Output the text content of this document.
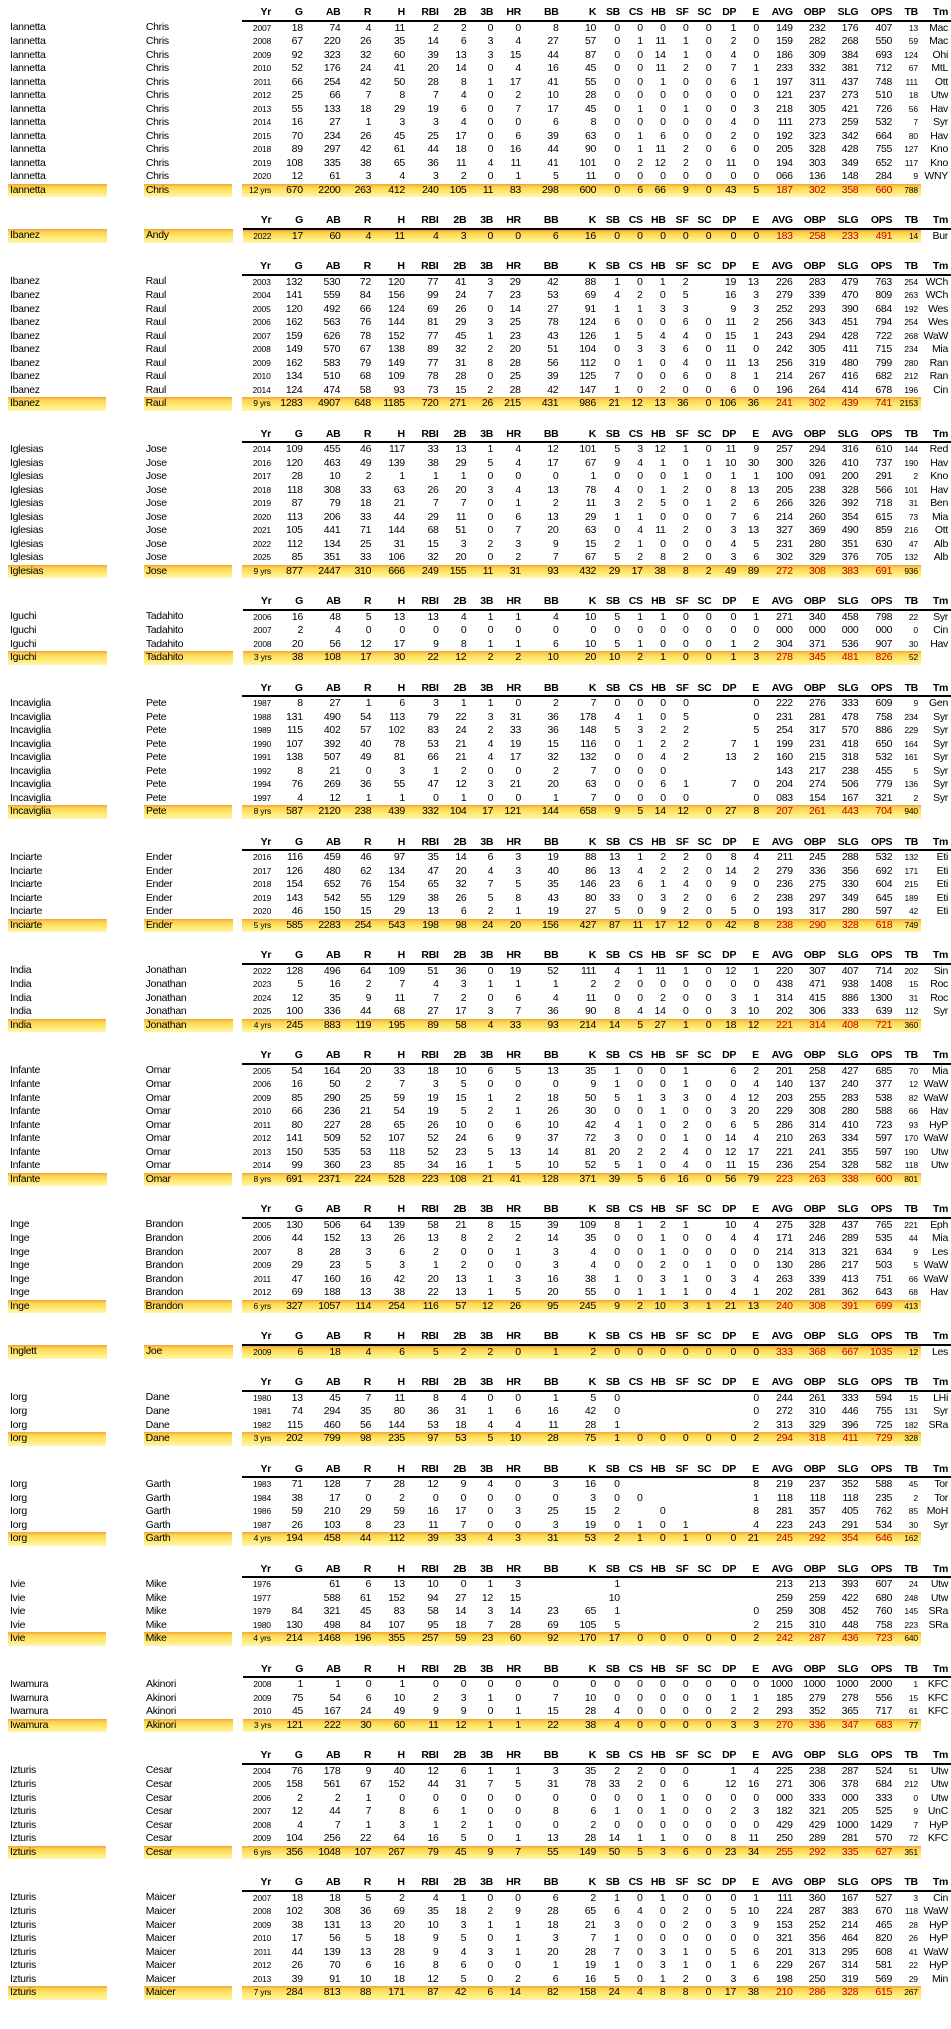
				Yr	G	AB	R	H	RBI	2B	3B	HR	BB	K	SB	CS	HB	SF	SC	DP	E	AVG	OBP	SLG	OPS	TB	Tm
Iannetta		Chris		2007	18	74	4	11	2	2	0	0	8	10	0	0	0	0	0	1	0	149	232	176	407	13	Mac
Iannetta		Chris		2008	67	220	26	35	14	6	3	4	27	57	0	1	11	1	0	2	0	159	282	268	550	59	Mac
Iannetta		Chris		2009	92	323	32	60	39	13	3	15	44	87	0	0	14	1	0	4	0	186	309	384	693	124	Ohi
Iannetta		Chris		2010	52	176	24	41	20	14	0	4	16	45	0	0	11	2	0	7	1	233	332	381	712	67	MtL
Iannetta		Chris		2011	66	254	42	50	28	8	1	17	41	55	0	0	1	0	0	6	1	197	311	437	748	111	Ott
Iannetta		Chris		2012	25	66	7	8	7	4	0	2	10	28	0	0	0	0	0	0	0	121	237	273	510	18	Utw
Iannetta		Chris		2013	55	133	18	29	19	6	0	7	17	45	0	1	0	1	0	0	3	218	305	421	726	56	Hav
Iannetta		Chris		2014	16	27	1	3	3	4	0	0	6	8	0	0	0	0	0	4	0	111	273	259	532	7	Syr
Iannetta		Chris		2015	70	234	26	45	25	17	0	6	39	63	0	1	6	0	0	2	0	192	323	342	664	80	Hav
Iannetta		Chris		2018	89	297	42	61	44	18	0	16	44	90	0	1	11	2	0	6	0	205	328	428	755	127	Kno
Iannetta		Chris		2019	108	335	38	65	36	11	4	11	41	101	0	2	12	2	0	11	0	194	303	349	652	117	Kno
Iannetta		Chris		2020	12	61	3	4	3	2	0	1	5	11	0	0	0	0	0	0	0	066	136	148	284	9	WNY
Iannetta		Chris		12 yrs	670	2200	263	412	240	105	11	83	298	600	0	6	66	9	0	43	5	187	302	358	660	788	
				Yr	G	AB	R	H	RBI	2B	3B	HR	BB	K	SB	CS	HB	SF	SC	DP	E	AVG	OBP	SLG	OPS	TB	Tm
Ibanez		Andy		2022	17	60	4	11	4	3	0	0	6	16	0	0	0	0	0	0	0	183	258	233	491	14	Bur
				Yr	G	AB	R	H	RBI	2B	3B	HR	BB	K	SB	CS	HB	SF	SC	DP	E	AVG	OBP	SLG	OPS	TB	Tm
Ibanez		Raul		2003	132	530	72	120	77	41	3	29	42	88	1	0	1	2		19	13	226	283	479	763	254	WCh
Ibanez		Raul		2004	141	559	84	156	99	24	7	23	53	69	4	2	0	5		16	3	279	339	470	809	263	WCh
Ibanez		Raul		2005	120	492	66	124	69	26	0	14	27	91	1	1	3	3		9	3	252	293	390	684	192	Wes
Ibanez		Raul		2006	162	563	76	144	81	29	3	25	78	124	6	0	0	6	0	11	2	256	343	451	794	254	Wes
Ibanez		Raul		2007	159	626	78	152	77	45	1	23	43	126	1	5	4	4	0	15	1	243	294	428	722	268	WaW
Ibanez		Raul		2008	149	570	67	138	89	32	2	20	51	104	0	3	3	6	0	11	0	242	305	411	715	234	Mia
Ibanez		Raul		2009	162	583	79	149	77	31	8	28	56	112	0	1	0	4	0	11	13	256	319	480	799	280	Ran
Ibanez		Raul		2010	134	510	68	109	78	28	0	25	39	125	7	0	0	6	0	8	1	214	267	416	682	212	Ran
Ibanez		Raul		2014	124	474	58	93	73	15	2	28	42	147	1	0	2	0	0	6	0	196	264	414	678	196	Cin
Ibanez		Raul		9 yrs	1283	4907	648	1185	720	271	26	215	431	986	21	12	13	36	0	106	36	241	302	439	741	2153	
				Yr	G	AB	R	H	RBI	2B	3B	HR	BB	K	SB	CS	HB	SF	SC	DP	E	AVG	OBP	SLG	OPS	TB	Tm
Iglesias		Jose		2014	109	455	46	117	33	13	1	4	12	101	5	3	12	1	0	11	9	257	294	316	610	144	Red
Iglesias		Jose		2016	120	463	49	139	38	29	5	4	17	67	9	4	1	0	1	10	30	300	326	410	737	190	Hav
Iglesias		Jose		2017	28	10	2	1	1	1	0	0	0	1	0	0	0	1	0	1	1	100	091	200	291	2	Kno
Iglesias		Jose		2018	118	308	33	63	26	20	3	4	13	78	4	0	1	2	0	8	13	205	238	328	566	101	Hav
Iglesias		Jose		2019	87	79	18	21	7	7	0	1	2	11	3	2	5	0	1	2	6	266	326	392	718	31	Ben
Iglesias		Jose		2020	113	206	33	44	29	11	0	6	13	29	1	1	0	0	0	7	6	214	260	354	615	73	Mia
Iglesias		Jose		2021	105	441	71	144	68	51	0	7	20	63	0	4	11	2	0	3	13	327	369	490	859	216	Ott
Iglesias		Jose		2022	112	134	25	31	15	3	2	3	9	15	2	1	0	0	0	4	5	231	280	351	630	47	Alb
Iglesias		Jose		2025	85	351	33	106	32	20	0	2	7	67	5	2	8	2	0	3	6	302	329	376	705	132	Alb
Iglesias		Jose		9 yrs	877	2447	310	666	249	155	11	31	93	432	29	17	38	8	2	49	89	272	308	383	691	936	
				Yr	G	AB	R	H	RBI	2B	3B	HR	BB	K	SB	CS	HB	SF	SC	DP	E	AVG	OBP	SLG	OPS	TB	Tm
Iguchi		Tadahito		2006	16	48	5	13	13	4	1	1	4	10	5	1	1	0	0	0	1	271	340	458	798	22	Syr
Iguchi		Tadahito		2007	2	4	0	0	0	0	0	0	0	0	0	0	0	0	0	0	0	000	000	000	000	0	Cin
Iguchi		Tadahito		2008	20	56	12	17	9	8	1	1	6	10	5	1	0	0	0	1	2	304	371	536	907	30	Hav
Iguchi		Tadahito		3 yrs	38	108	17	30	22	12	2	2	10	20	10	2	1	0	0	1	3	278	345	481	826	52	
				Yr	G	AB	R	H	RBI	2B	3B	HR	BB	K	SB	CS	HB	SF	SC	DP	E	AVG	OBP	SLG	OPS	TB	Tm
Incaviglia		Pete		1987	8	27	1	6	3	1	1	0	2	7	0	0	0	0			0	222	276	333	609	9	Gen
Incaviglia		Pete		1988	131	490	54	113	79	22	3	31	36	178	4	1	0	5			0	231	281	478	758	234	Syr
Incaviglia		Pete		1989	115	402	57	102	83	24	2	33	36	148	5	3	2	2			5	254	317	570	886	229	Syr
Incaviglia		Pete		1990	107	392	40	78	53	21	4	19	15	116	0	1	2	2		7	1	199	231	418	650	164	Syr
Incaviglia		Pete		1991	138	507	49	81	66	21	4	17	32	132	0	0	4	2		13	2	160	215	318	532	161	Syr
Incaviglia		Pete		1992	8	21	0	3	1	2	0	0	2	7	0	0	0					143	217	238	455	5	Syr
Incaviglia		Pete		1994	76	269	36	55	47	12	3	21	20	63	0	0	6	1		7	0	204	274	506	779	136	Syr
Incaviglia		Pete		1997	4	12	1	1	0	1	0	0	1	7	0	0	0	0			0	083	154	167	321	2	Syr
Incaviglia		Pete		8 yrs	587	2120	238	439	332	104	17	121	144	658	9	5	14	12	0	27	8	207	261	443	704	940	
				Yr	G	AB	R	H	RBI	2B	3B	HR	BB	K	SB	CS	HB	SF	SC	DP	E	AVG	OBP	SLG	OPS	TB	Tm
Inciarte		Ender		2016	116	459	46	97	35	14	6	3	19	88	13	1	2	2	0	8	4	211	245	288	532	132	Eti
Inciarte		Ender		2017	126	480	62	134	47	20	4	3	40	86	13	4	2	2	0	14	2	279	336	356	692	171	Eti
Inciarte		Ender		2018	154	652	76	154	65	32	7	5	35	146	23	6	1	4	0	9	0	236	275	330	604	215	Eti
Inciarte		Ender		2019	143	542	55	129	38	26	5	8	43	80	33	0	3	2	0	6	2	238	297	349	645	189	Eti
Inciarte		Ender		2020	46	150	15	29	13	6	2	1	19	27	5	0	9	2	0	5	0	193	317	280	597	42	Eti
Inciarte		Ender		5 yrs	585	2283	254	543	198	98	24	20	156	427	87	11	17	12	0	42	8	238	290	328	618	749	
				Yr	G	AB	R	H	RBI	2B	3B	HR	BB	K	SB	CS	HB	SF	SC	DP	E	AVG	OBP	SLG	OPS	TB	Tm
India		Jonathan		2022	128	496	64	109	51	36	0	19	52	111	4	1	11	1	0	12	1	220	307	407	714	202	Sin
India		Jonathan		2023	5	16	2	7	4	3	1	1	1	2	2	0	0	0	0	0	0	438	471	938	1408	15	Roc
India		Jonathan		2024	12	35	9	11	7	2	0	6	4	11	0	0	2	0	0	3	1	314	415	886	1300	31	Roc
India		Jonathan		2025	100	336	44	68	27	17	3	7	36	90	8	4	14	0	0	3	10	202	306	333	639	112	Syr
India		Jonathan		4 yrs	245	883	119	195	89	58	4	33	93	214	14	5	27	1	0	18	12	221	314	408	721	360	
				Yr	G	AB	R	H	RBI	2B	3B	HR	BB	K	SB	CS	HB	SF	SC	DP	E	AVG	OBP	SLG	OPS	TB	Tm
Infante		Omar		2005	54	164	20	33	18	10	6	5	13	35	1	0	0	1		6	2	201	258	427	685	70	Mia
Infante		Omar		2006	16	50	2	7	3	5	0	0	0	9	1	0	0	1	0	0	4	140	137	240	377	12	WaW
Infante		Omar		2009	85	290	25	59	19	15	1	2	18	50	5	1	3	3	0	4	12	203	255	283	538	82	WaW
Infante		Omar		2010	66	236	21	54	19	5	2	1	26	30	0	0	1	0	0	3	20	229	308	280	588	66	Hav
Infante		Omar		2011	80	227	28	65	26	10	0	6	10	42	4	1	0	2	0	6	5	286	314	410	723	93	HyP
Infante		Omar		2012	141	509	52	107	52	24	6	9	37	72	3	0	0	1	0	14	4	210	263	334	597	170	WaW
Infante		Omar		2013	150	535	53	118	52	23	5	13	14	81	20	2	2	4	0	12	17	221	241	355	597	190	Utw
Infante		Omar		2014	99	360	23	85	34	16	1	5	10	52	5	1	0	4	0	11	15	236	254	328	582	118	Utw
Infante		Omar		8 yrs	691	2371	224	528	223	108	21	41	128	371	39	5	6	16	0	56	79	223	263	338	600	801	
				Yr	G	AB	R	H	RBI	2B	3B	HR	BB	K	SB	CS	HB	SF	SC	DP	E	AVG	OBP	SLG	OPS	TB	Tm
Inge		Brandon		2005	130	506	64	139	58	21	8	15	39	109	8	1	2	1		10	4	275	328	437	765	221	Eph
Inge		Brandon		2006	44	152	13	26	13	8	2	2	14	35	0	0	1	0	0	4	4	171	246	289	535	44	Mia
Inge		Brandon		2007	8	28	3	6	2	0	0	1	3	4	0	0	1	0	0	0	0	214	313	321	634	9	Les
Inge		Brandon		2009	29	23	5	3	1	2	0	0	3	4	0	0	2	0	1	0	0	130	286	217	503	5	WaW
Inge		Brandon		2011	47	160	16	42	20	13	1	3	16	38	1	0	3	1	0	3	4	263	339	413	751	66	WaW
Inge		Brandon		2012	69	188	13	38	22	13	1	5	20	55	0	1	1	1	0	4	1	202	281	362	643	68	Hav
Inge		Brandon		6 yrs	327	1057	114	254	116	57	12	26	95	245	9	2	10	3	1	21	13	240	308	391	699	413	
				Yr	G	AB	R	H	RBI	2B	3B	HR	BB	K	SB	CS	HB	SF	SC	DP	E	AVG	OBP	SLG	OPS	TB	Tm
Inglett		Joe		2009	6	18	4	6	5	2	2	0	1	2	0	0	0	0	0	0	0	333	368	667	1035	12	Les
				Yr	G	AB	R	H	RBI	2B	3B	HR	BB	K	SB	CS	HB	SF	SC	DP	E	AVG	OBP	SLG	OPS	TB	Tm
Iorg		Dane		1980	13	45	7	11	8	4	0	0	1	5	0						0	244	261	333	594	15	LHi
Iorg		Dane		1981	74	294	35	80	36	31	1	6	16	42	0						0	272	310	446	755	131	Syr
Iorg		Dane		1982	115	460	56	144	53	18	4	4	11	28	1						2	313	329	396	725	182	SRa
Iorg		Dane		3 yrs	202	799	98	235	97	53	5	10	28	75	1	0	0	0	0	0	2	294	318	411	729	328	
				Yr	G	AB	R	H	RBI	2B	3B	HR	BB	K	SB	CS	HB	SF	SC	DP	E	AVG	OBP	SLG	OPS	TB	Tm
Iorg		Garth		1983	71	128	7	28	12	9	4	0	3	16	0						8	219	237	352	588	45	Tor
Iorg		Garth		1984	38	17	0	2	0	0	0	0	0	3	0	0					1	118	118	118	235	2	Tor
Iorg		Garth		1986	59	210	29	59	16	17	0	3	25	15	2		0				8	281	357	405	762	85	MoH
Iorg		Garth		1987	26	103	8	23	11	7	0	0	3	19	0	1	0	1			4	223	243	291	534	30	Syr
Iorg		Garth		4 yrs	194	458	44	112	39	33	4	3	31	53	2	1	0	1	0	0	21	245	292	354	646	162	
				Yr	G	AB	R	H	RBI	2B	3B	HR	BB	K	SB	CS	HB	SF	SC	DP	E	AVG	OBP	SLG	OPS	TB	Tm
Ivie		Mike		1976		61	6	13	10	0	1	3			1							213	213	393	607	24	Utw
Ivie		Mike		1977		588	61	152	94	27	12	15			10							259	259	422	680	248	Utw
Ivie		Mike		1979	84	321	45	83	58	14	3	14	23	65	1						0	259	308	452	760	145	SRa
Ivie		Mike		1980	130	498	84	107	95	18	7	28	69	105	5						2	215	310	448	758	223	SRa
Ivie		Mike		4 yrs	214	1468	196	355	257	59	23	60	92	170	17	0	0	0	0	0	2	242	287	436	723	640	
				Yr	G	AB	R	H	RBI	2B	3B	HR	BB	K	SB	CS	HB	SF	SC	DP	E	AVG	OBP	SLG	OPS	TB	Tm
Iwamura		Akinori		2008	1	1	0	1	0	0	0	0	0	0	0	0	0	0	0	0	0	1000	1000	1000	2000	1	KFC
Iwamura		Akinori		2009	75	54	6	10	2	3	1	0	7	10	0	0	0	0	0	1	1	185	279	278	556	15	KFC
Iwamura		Akinori		2010	45	167	24	49	9	9	0	1	15	28	4	0	0	0	0	2	2	293	352	365	717	61	KFC
Iwamura		Akinori		3 yrs	121	222	30	60	11	12	1	1	22	38	4	0	0	0	0	3	3	270	336	347	683	77	
				Yr	G	AB	R	H	RBI	2B	3B	HR	BB	K	SB	CS	HB	SF	SC	DP	E	AVG	OBP	SLG	OPS	TB	Tm
Izturis		Cesar		2004	76	178	9	40	12	6	1	1	3	35	2	2	0	0		1	4	225	238	287	524	51	Utw
Izturis		Cesar		2005	158	561	67	152	44	31	7	5	31	78	33	2	0	6		12	16	271	306	378	684	212	Utw
Izturis		Cesar		2006	2	2	1	0	0	0	0	0	0	0	0	0	1	0	0	0	0	000	333	000	333	0	Utw
Izturis		Cesar		2007	12	44	7	8	6	1	0	0	8	6	1	0	1	0	0	2	3	182	321	205	525	9	UnC
Izturis		Cesar		2008	4	7	1	3	1	2	1	0	0	2	0	0	0	0	0	0	0	429	429	1000	1429	7	HyP
Izturis		Cesar		2009	104	256	22	64	16	5	0	1	13	28	14	1	1	0	0	8	11	250	289	281	570	72	KFC
Izturis		Cesar		6 yrs	356	1048	107	267	79	45	9	7	55	149	50	5	3	6	0	23	34	255	292	335	627	351	
				Yr	G	AB	R	H	RBI	2B	3B	HR	BB	K	SB	CS	HB	SF	SC	DP	E	AVG	OBP	SLG	OPS	TB	Tm
Izturis		Maicer		2007	18	18	5	2	4	1	0	0	6	2	1	0	1	0	0	0	1	111	360	167	527	3	Cin
Izturis		Maicer		2008	102	308	36	69	35	18	2	9	28	65	6	4	0	2	0	5	10	224	287	383	670	118	WaW
Izturis		Maicer		2009	38	131	13	20	10	3	1	1	18	21	3	0	0	2	0	3	9	153	252	214	465	28	HyP
Izturis		Maicer		2010	17	56	5	18	9	5	0	1	3	7	1	0	0	0	0	0	0	321	356	464	820	26	HyP
Izturis		Maicer		2011	44	139	13	28	9	4	3	1	20	28	7	0	3	1	0	5	6	201	313	295	608	41	WaW
Izturis		Maicer		2012	26	70	6	16	8	6	0	0	1	19	1	0	3	1	0	1	6	229	267	314	581	22	HyP
Izturis		Maicer		2013	39	91	10	18	12	5	0	2	6	16	5	0	1	2	0	3	6	198	250	319	569	29	Min
Izturis		Maicer		7 yrs	284	813	88	171	87	42	6	14	82	158	24	4	8	8	0	17	38	210	286	328	615	267	
